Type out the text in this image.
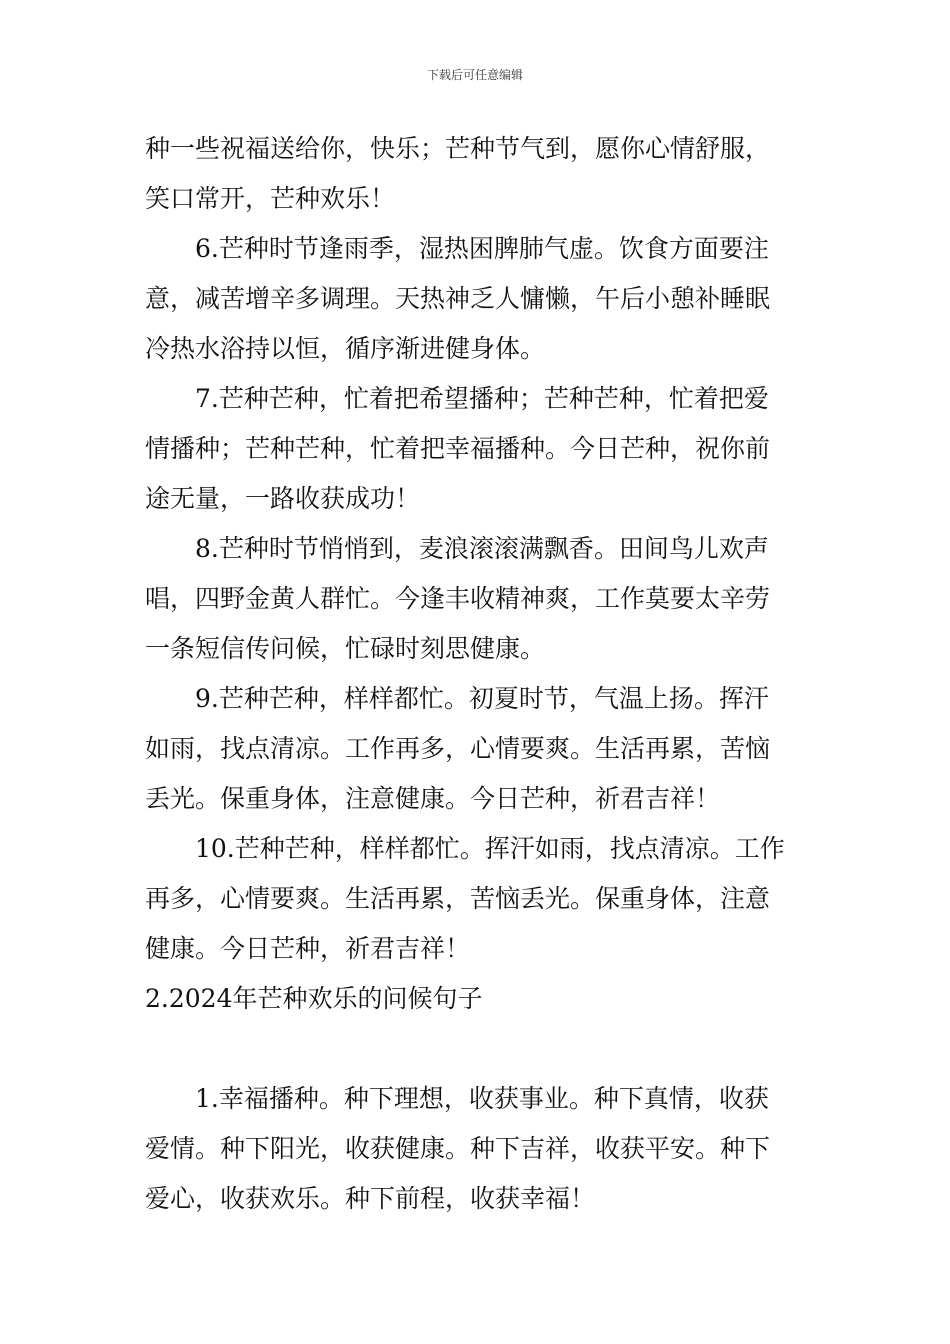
下载后可任意编辑
种一些祝福送给你，快乐；芒种节气到，愿你心情舒服，
笑口常开，芒种欢乐！
6.芒种时节逢雨季，湿热困脾肺气虚。饮食方面要注
意，减苦增辛多调理。天热神乏人慵懒，午后小憩补睡眠
冷热水浴持以恒，循序渐进健身体。
7.芒种芒种，忙着把希望播种；芒种芒种，忙着把爱
情播种；芒种芒种，忙着把幸福播种。今日芒种，祝你前
途无量，一路收获成功！
8.芒种时节悄悄到，麦浪滚滚满飘香。田间鸟儿欢声
唱，四野金黄人群忙。今逢丰收精神爽，工作莫要太辛劳
一条短信传问候，忙碌时刻思健康。
9.芒种芒种，样样都忙。初夏时节，气温上扬。挥汗
如雨，找点清凉。工作再多，心情要爽。生活再累，苦恼
丢光。保重身体，注意健康。今日芒种，祈君吉祥！
10.芒种芒种，样样都忙。挥汗如雨，找点清凉。工作
再多，心情要爽。生活再累，苦恼丢光。保重身体，注意
健康。今日芒种，祈君吉祥！
2.2024年芒种欢乐的问候句子
1.幸福播种。种下理想，收获事业。种下真情，收获
爱情。种下阳光，收获健康。种下吉祥，收获平安。种下
爱心，收获欢乐。种下前程，收获幸福！
